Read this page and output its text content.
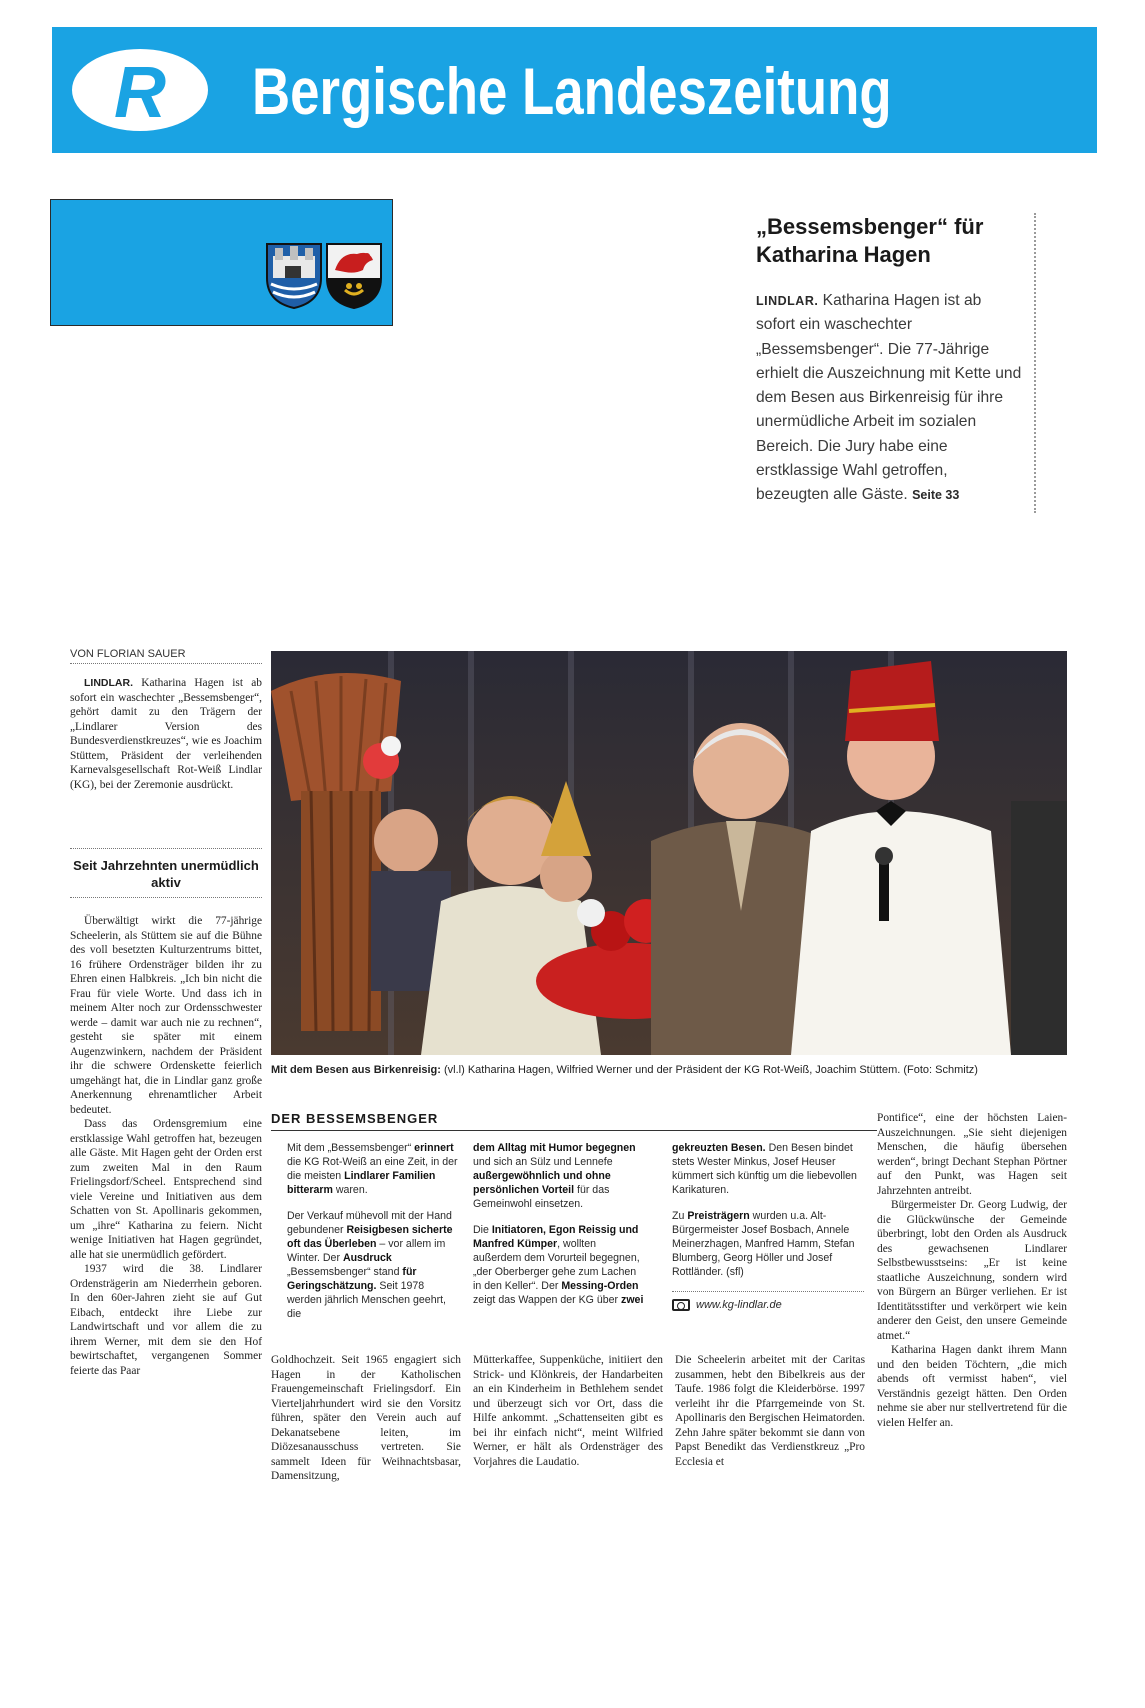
R Bergische Landeszeitung
„Bessemsbenger“ für Katharina Hagen
LINDLAR. Katharina Hagen ist ab sofort ein waschechter „Bessemsbenger“. Die 77-Jährige erhielt die Auszeichnung mit Kette und dem Besen aus Birkenreisig für ihre unermüdliche Arbeit im sozialen Bereich. Die Jury habe eine erstklassige Wahl getroffen, bezeugten alle Gäste. Seite 33
VON FLORIAN SAUER

LINDLAR. Katharina Hagen ist ab sofort ein waschechter „Bessemsbenger“, gehört damit zu den Trägern der „Lindlarer Version des Bundesverdienstkreuzes“, wie es Joachim Stüttem, Präsident der verleihenden Karnevalsgesellschaft Rot-Weiß Lindlar (KG), bei der Zeremonie ausdrückt.

Seit Jahrzehnten unermüdlich aktiv

Überwältigt wirkt die 77-jährige Scheelerin, als Stüttem sie auf die Bühne des voll besetzten Kulturzentrums bittet, 16 frühere Ordensträger bilden ihr zu Ehren einen Halbkreis. „Ich bin nicht die Frau für viele Worte. Und dass ich in meinem Alter noch zur Ordensschwester werde – damit war auch nie zu rechnen“, gesteht sie später mit einem Augenzwinkern, nachdem der Präsident ihr die schwere Ordenskette feierlich umgehängt hat, die in Lindlar ganz große Anerkennung ehrenamtlicher Arbeit bedeutet.

Dass das Ordensgremium eine erstklassige Wahl getroffen hat, bezeugen alle Gäste. Mit Hagen geht der Orden erst zum zweiten Mal in den Raum Frielingsdorf/Scheel. Entsprechend sind viele Vereine und Initiativen aus dem Schatten von St. Apollinaris gekommen, um „ihre“ Katharina zu feiern. Nicht wenige Initiativen hat Hagen gegründet, alle hat sie unermüdlich gefördert.

1937 wird die 38. Lindlarer Ordensträgerin am Niederrhein geboren. In den 60er-Jahren zieht sie auf Gut Eibach, entdeckt ihre Liebe zur Landwirtschaft und vor allem die zu ihrem Werner, mit dem sie den Hof bewirtschaftet, vergangenen Sommer feierte das Paar

Mit dem Besen aus Birkenreisig: (vl.l) Katharina Hagen, Wilfried Werner und der Präsident der KG Rot-Weiß, Joachim Stüttem. (Foto: Schmitz)
DER BESSEMSBENGER

Mit dem „Bessemsbenger“ erinnert die KG Rot-Weiß an eine Zeit, in der die meisten Lindlarer Familien bitterarm waren.

Der Verkauf mühevoll mit der Hand gebundener Reisigbesen sicherte oft das Überleben – vor allem im Winter. Der Ausdruck „Bessemsbenger“ stand für Geringschätzung. Seit 1978 werden jährlich Menschen geehrt, die

dem Alltag mit Humor begegnen und sich an Sülz und Lennefe außergewöhnlich und ohne persönlichen Vorteil für das Gemeinwohl einsetzen.

Die Initiatoren, Egon Reissig und Manfred Kümper, wollten außerdem dem Vorurteil begegnen, „der Oberberger gehe zum Lachen in den Keller“. Der Messing-Orden zeigt das Wappen der KG über zwei

gekreuzten Besen. Den Besen bindet stets Wester Minkus, Josef Heuser kümmert sich künftig um die liebevollen Karikaturen.

Zu Preisträgern wurden u.a. Alt-Bürgermeister Josef Bosbach, Annele Meinerzhagen, Manfred Hamm, Stefan Blumberg, Georg Höller und Josef Rottländer. (sfl)

www.kg-lindlar.de

Goldhochzeit. Seit 1965 engagiert sich Hagen in der Katholischen Frauengemeinschaft Frielingsdorf. Ein Vierteljahrhundert wird sie den Vorsitz führen, später den Verein auch auf Dekanatsebene leiten, im Diözesanausschuss vertreten. Sie sammelt Ideen für Weihnachtsbasar, Damensitzung,

Mütterkaffee, Suppenküche, initiiert den Strick- und Klönkreis, der Handarbeiten an ein Kinderheim in Bethlehem sendet und überzeugt sich vor Ort, dass die Hilfe ankommt. „Schattenseiten gibt es bei ihr einfach nicht“, meint Wilfried Werner, er hält als Ordensträger des Vorjahres die Laudatio.

Die Scheelerin arbeitet mit der Caritas zusammen, hebt den Bibelkreis aus der Taufe. 1986 folgt die Kleiderbörse. 1997 verleiht ihr die Pfarrgemeinde von St. Apollinaris den Bergischen Heimatorden. Zehn Jahre später bekommt sie dann von Papst Benedikt das Verdienstkreuz „Pro Ecclesia et

Pontifice“, eine der höchsten Laien-Auszeichnungen. „Sie sieht diejenigen Menschen, die häufig übersehen werden“, bringt Dechant Stephan Pörtner auf den Punkt, was Hagen seit Jahrzehnten antreibt.

Bürgermeister Dr. Georg Ludwig, der die Glückwünsche der Gemeinde überbringt, lobt den Orden als Ausdruck des gewachsenen Lindlarer Selbstbewusstseins: „Er ist keine staatliche Auszeichnung, sondern wird von Bürgern an Bürger verliehen. Er ist Identitätsstifter und verkörpert wie kein anderer den Geist, den unsere Gemeinde atmet.“

Katharina Hagen dankt ihrem Mann und den beiden Töchtern, „die mich abends oft vermisst haben“, viel Verständnis gezeigt hätten. Den Orden nehme sie aber nur stellvertretend für die vielen Helfer an.
